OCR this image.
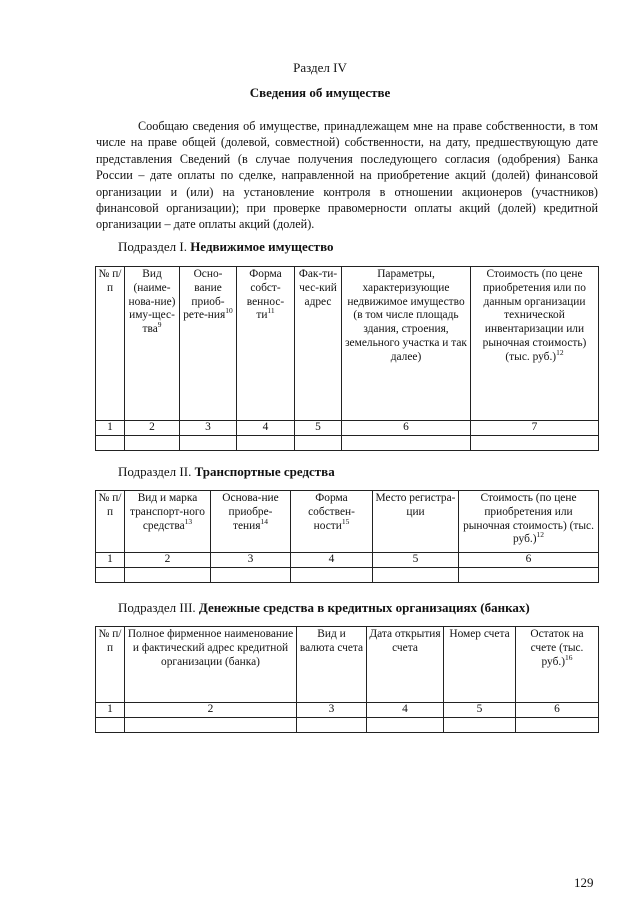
Раздел IV
Сведения об имуществе
Сообщаю сведения об имуществе, принадлежащем мне на праве собственности, в том числе на праве общей (долевой, совместной) собственности, на дату, предшествующую дате представления Сведений (в случае получения последующего согласия (одобрения) Банка России – дате оплаты по сделке, направленной на приобретение акций (долей) финансовой организации и (или) на установление контроля в отношении акционеров (участников) финансовой организации); при проверке правомерности оплаты акций (долей) кредитной организации – дате оплаты акций (долей).
Подраздел I. Недвижимое имущество
№ п/п	Вид (наиме-нова-ние) иму-щес-тва$^9$	Осно-вание приоб-рете-ния$^{10}$	Форма собст-$веннос-ти^{11}$	Фак-ти-чес-кий адрес	Параметры, характеризующие недвижимое имущество (в том числе площадь здания, строения, земельного участка и так далее)	Стоимость (по цене приобретения или по данным организации технической инвентаризации или рыночная стоимость) (тыс. руб.)$^{12}$
1	2	3	4	5	6	7

Подраздел II. Транспортные средства
№ п/п	Вид и марка транспорт-ного средства$^{13}$	Основа-ние приобре-тения$^{14}$	Форма собствен-ности$^{15}$	Место регистра-ции	Стоимость (по цене приобретения или рыночная стоимость) (тыс. руб.)$^{12}$
1	2	3	4	5	6

Подраздел III. Денежные средства в кредитных организациях (банках)
№ п/п	Полное фирменное наименование и фактический адрес кредитной организации (банка)	Вид и валюта счета	Дата открытия счета	Номер счета	Остаток на счете (тыс. руб.)$^{16}$
1	2	3	4	5	6

129
